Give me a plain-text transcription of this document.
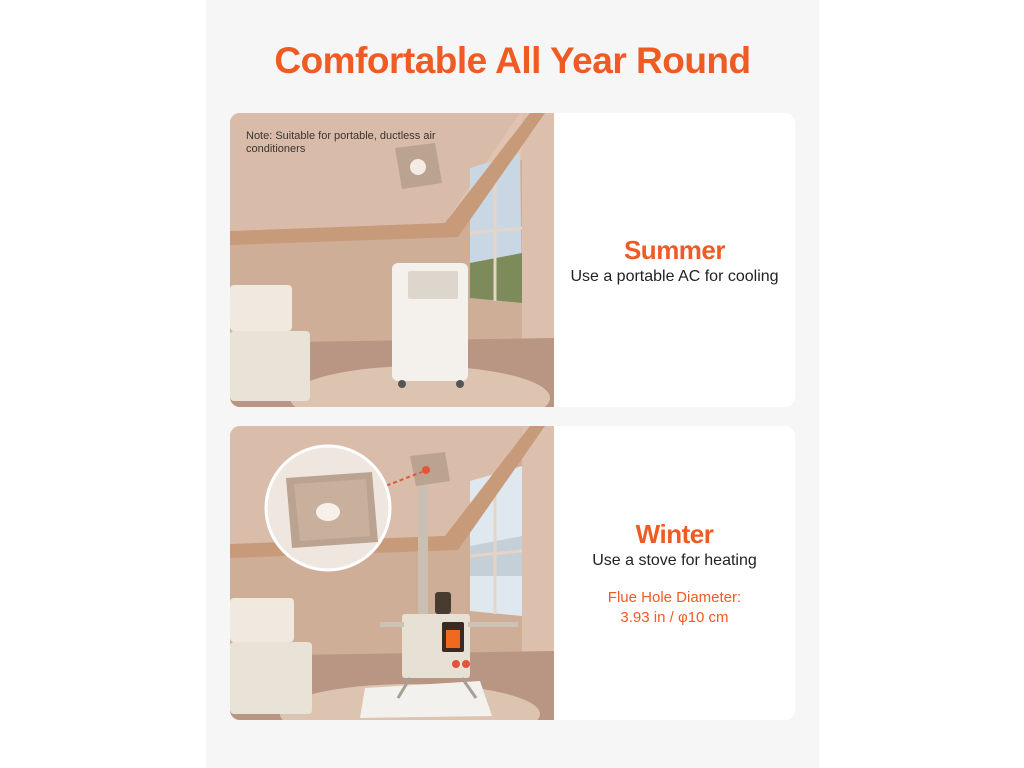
Comfortable All Year Round
Note: Suitable for portable, ductless air conditioners
Summer
Use a portable AC for cooling
Winter
Use a stove for heating
Flue Hole Diameter:
3.93 in / φ10 cm
